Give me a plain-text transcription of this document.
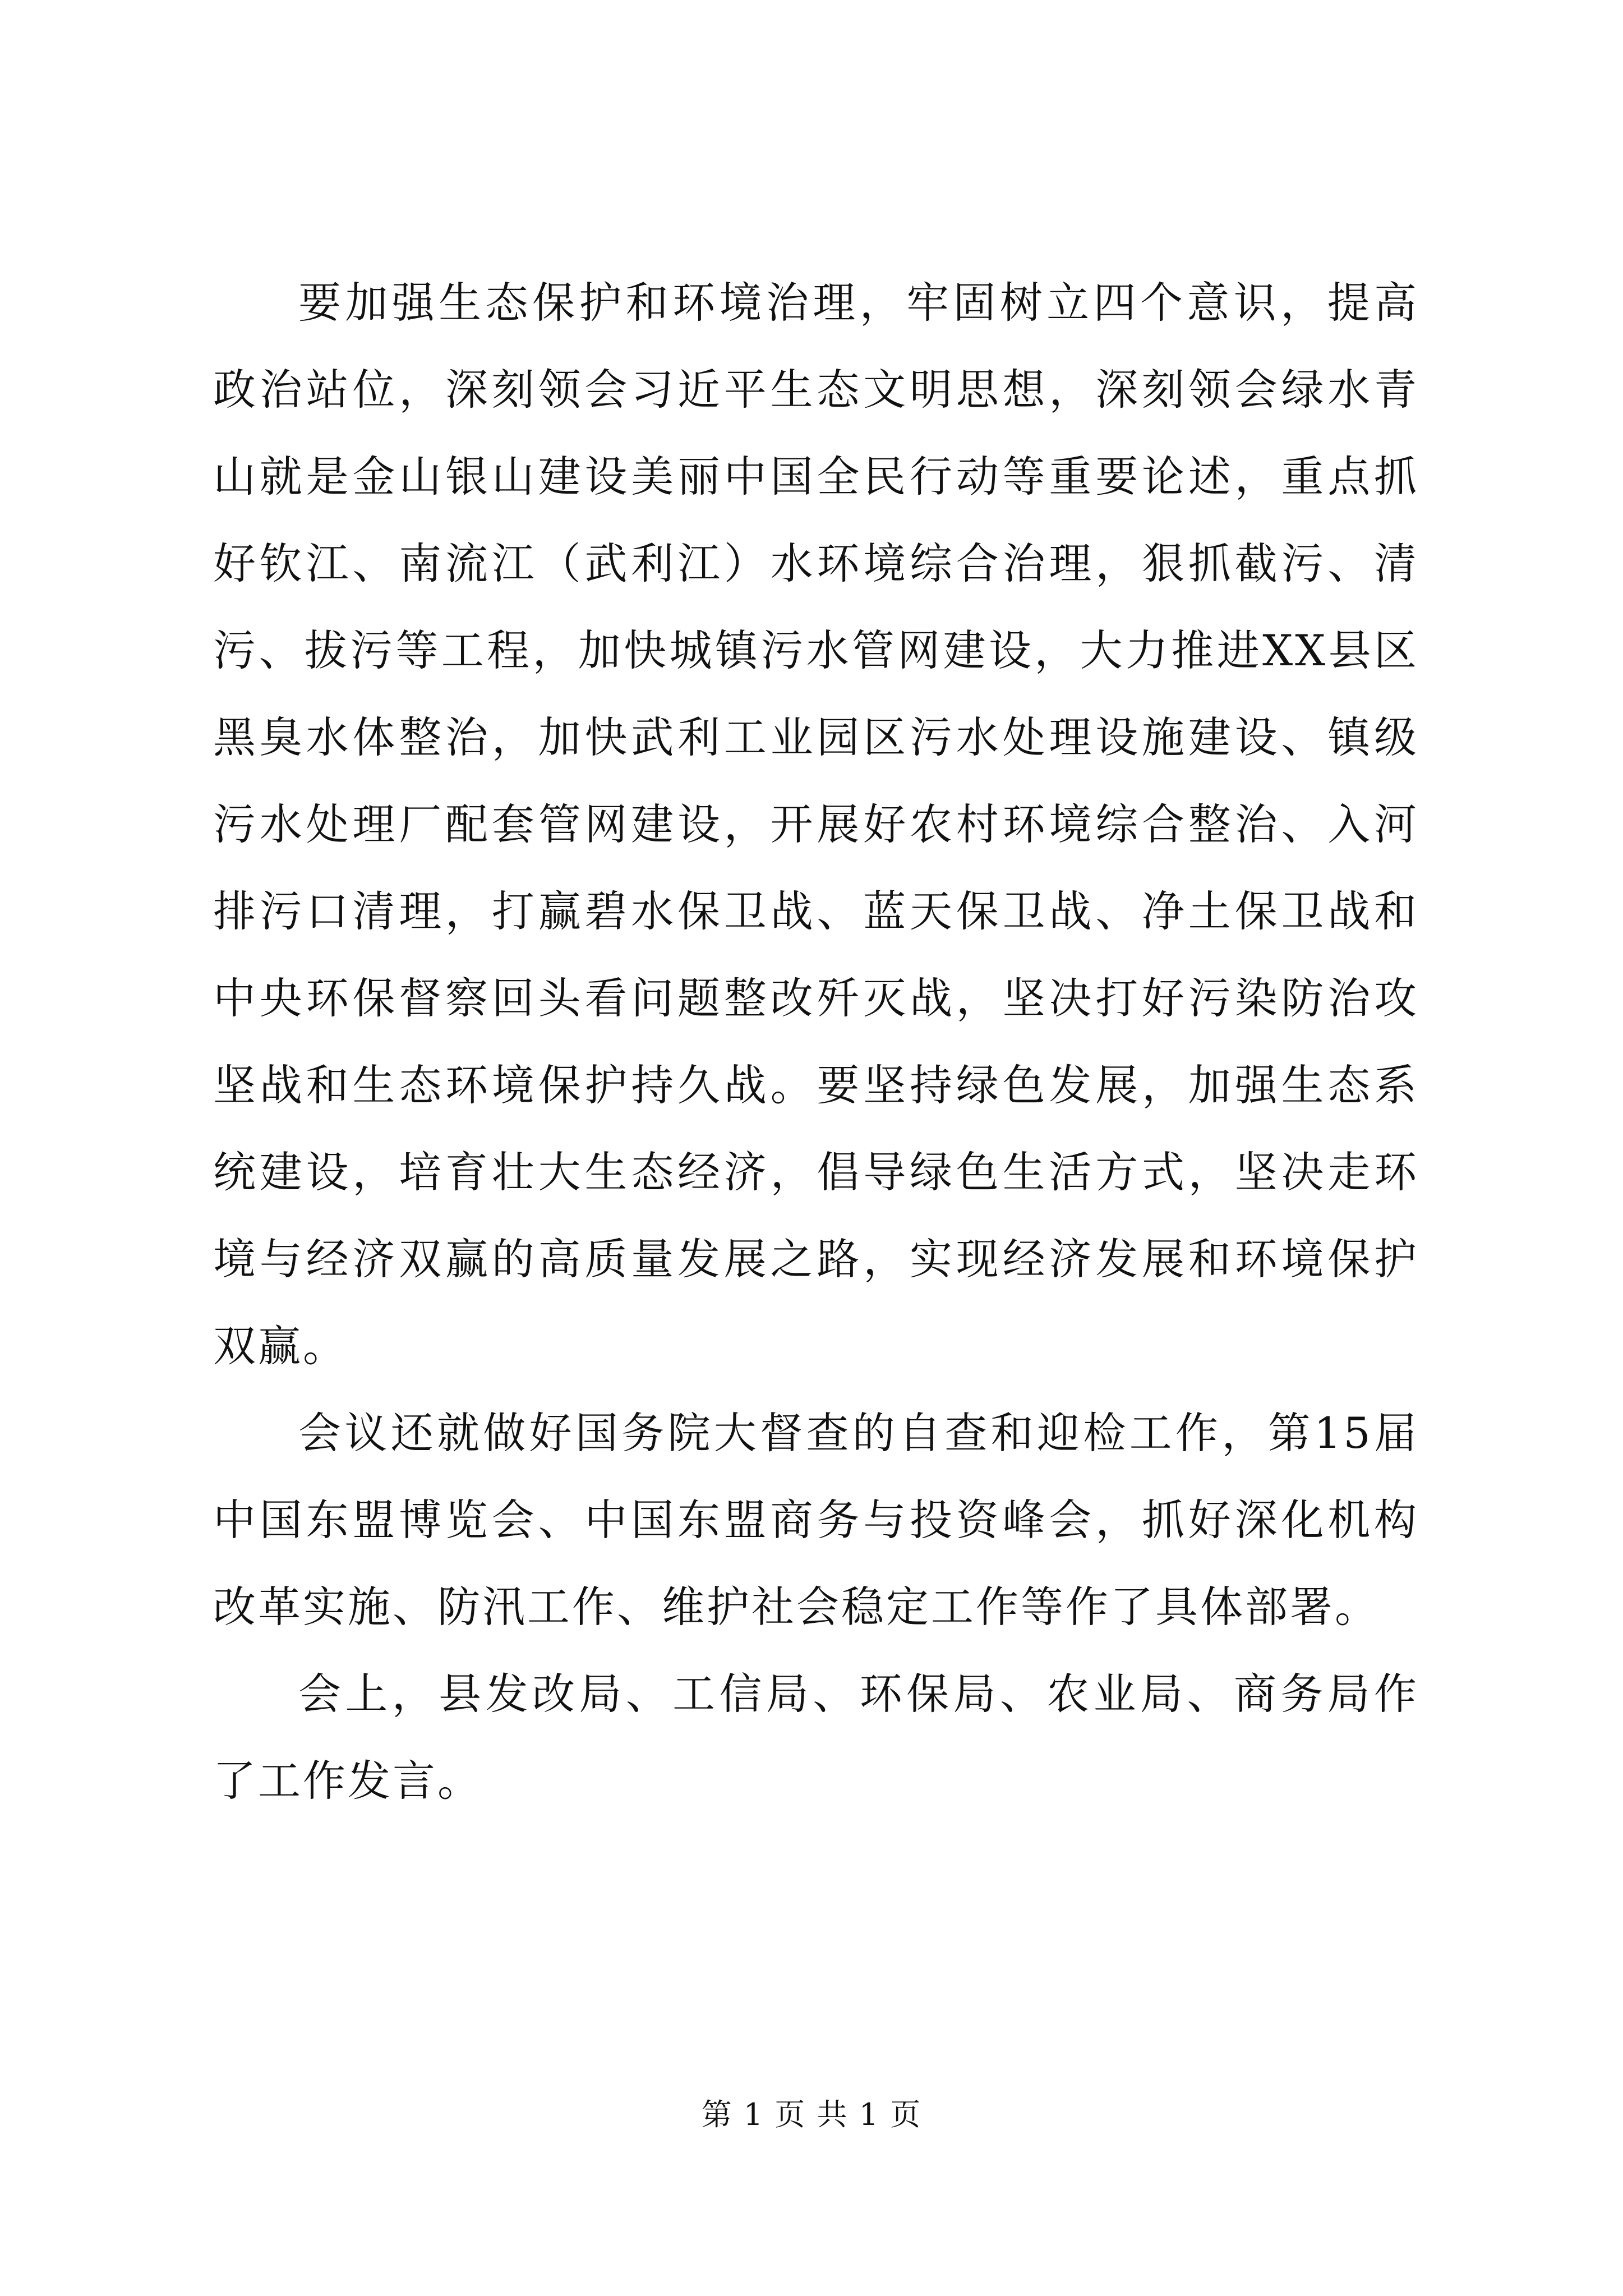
要加强生态保护和环境治理，牢固树立四个意识，提高政治站位，深刻领会习近平生态文明思想，深刻领会绿水青山就是金山银山建设美丽中国全民行动等重要论述，重点抓好钦江、南流江（武利江）水环境综合治理，狠抓截污、清污、拔污等工程，加快城镇污水管网建设，大力推进XX县区黑臭水体整治，加快武利工业园区污水处理设施建设、镇级污水处理厂配套管网建设，开展好农村环境综合整治、入河排污口清理，打赢碧水保卫战、蓝天保卫战、净土保卫战和中央环保督察回头看问题整改歼灭战，坚决打好污染防治攻坚战和生态环境保护持久战。要坚持绿色发展，加强生态系统建设，培育壮大生态经济，倡导绿色生活方式，坚决走环境与经济双赢的高质量发展之路，实现经济发展和环境保护双赢。

会议还就做好国务院大督查的自查和迎检工作，第15届中国东盟博览会、中国东盟商务与投资峰会，抓好深化机构改革实施、防汛工作、维护社会稳定工作等作了具体部署。

会上，县发改局、工信局、环保局、农业局、商务局作了工作发言。

第 1 页 共 1 页
